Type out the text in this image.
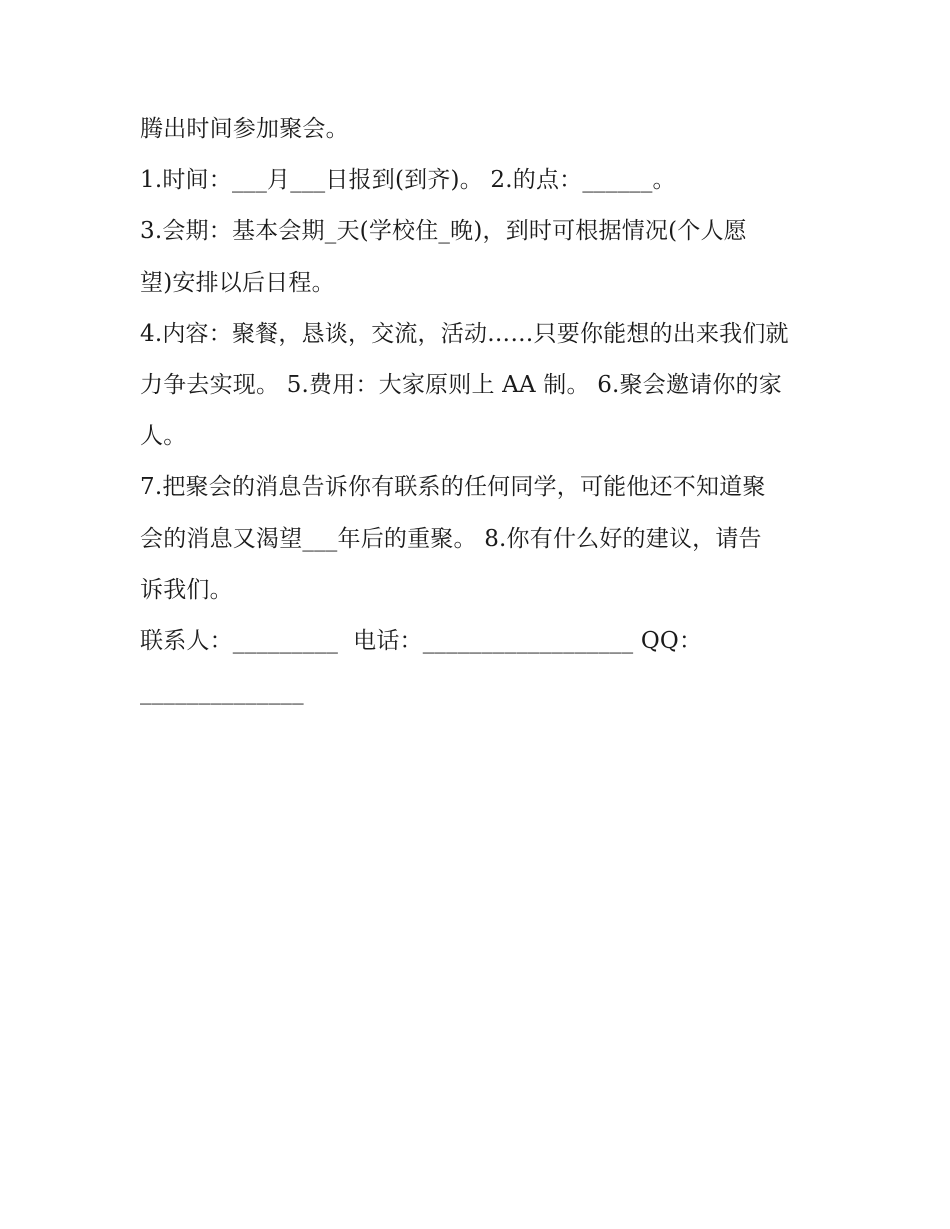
腾出时间参加聚会。
1.时间：___月___日报到(到齐)。 2.的点：______。
3.会期：基本会期_天(学校住_晚)，到时可根据情况(个人愿
望)安排以后日程。
4.内容：聚餐，恳谈，交流，活动……只要你能想的出来我们就
力争去实现。 5.费用：大家原则上 AA 制。 6.聚会邀请你的家
人。
7.把聚会的消息告诉你有联系的任何同学，可能他还不知道聚
会的消息又渴望___年后的重聚。 8.你有什么好的建议，请告
诉我们。
联系人：_________  电话：__________________ QQ：
______________
